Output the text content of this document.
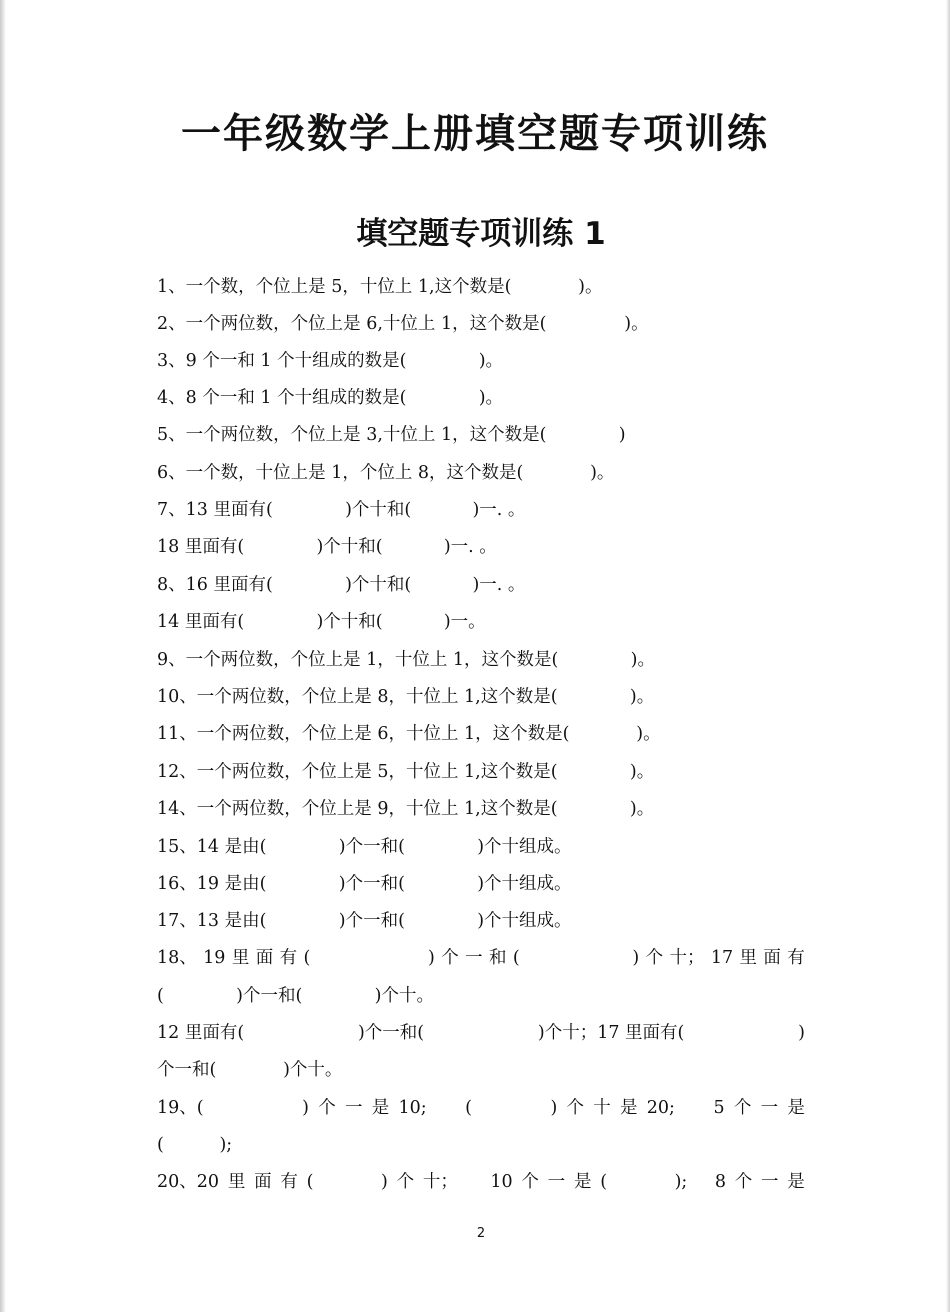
一年级数学上册填空题专项训练
填空题专项训练 1
1、一个数，个位上是 5，十位上 1,这个数是(            )。
2、一个两位数，个位上是 6,十位上 1，这个数是(              )。
3、9 个一和 1 个十组成的数是(             )。
4、8 个一和 1 个十组成的数是(             )。
5、一个两位数，个位上是 3,十位上 1，这个数是(             )
6、一个数，十位上是 1，个位上 8，这个数是(            )。
7、13 里面有(             )个十和(           )一. 。
18 里面有(             )个十和(           )一. 。
8、16 里面有(             )个十和(           )一. 。
14 里面有(             )个十和(           )一。
9、一个两位数，个位上是 1，十位上 1，这个数是(             )。
10、一个两位数，个位上是 8，十位上 1,这个数是(             )。
11、一个两位数，个位上是 6，十位上 1，这个数是(            )。
12、一个两位数，个位上是 5，十位上 1,这个数是(             )。
14、一个两位数，个位上是 9，十位上 1,这个数是(             )。
15、14 是由(             )个一和(             )个十组成。
16、19 是由(             )个一和(             )个十组成。
17、13 是由(             )个一和(             )个十组成。
18、 19 里 面 有 (	) 个 一 和 (	) 个 十； 17 里 面 有
(             )个一和(             )个十。
12 里面有(	)个一和(	)个十；17 里面有(	)
个一和(            )个十。
19、(	) 个 一 是 10; (	) 个 十 是 20; 5 个 一 是
(          );
20、20 里 面 有 (	) 个 十； 10 个 一 是 (	); 8 个 一 是
2
